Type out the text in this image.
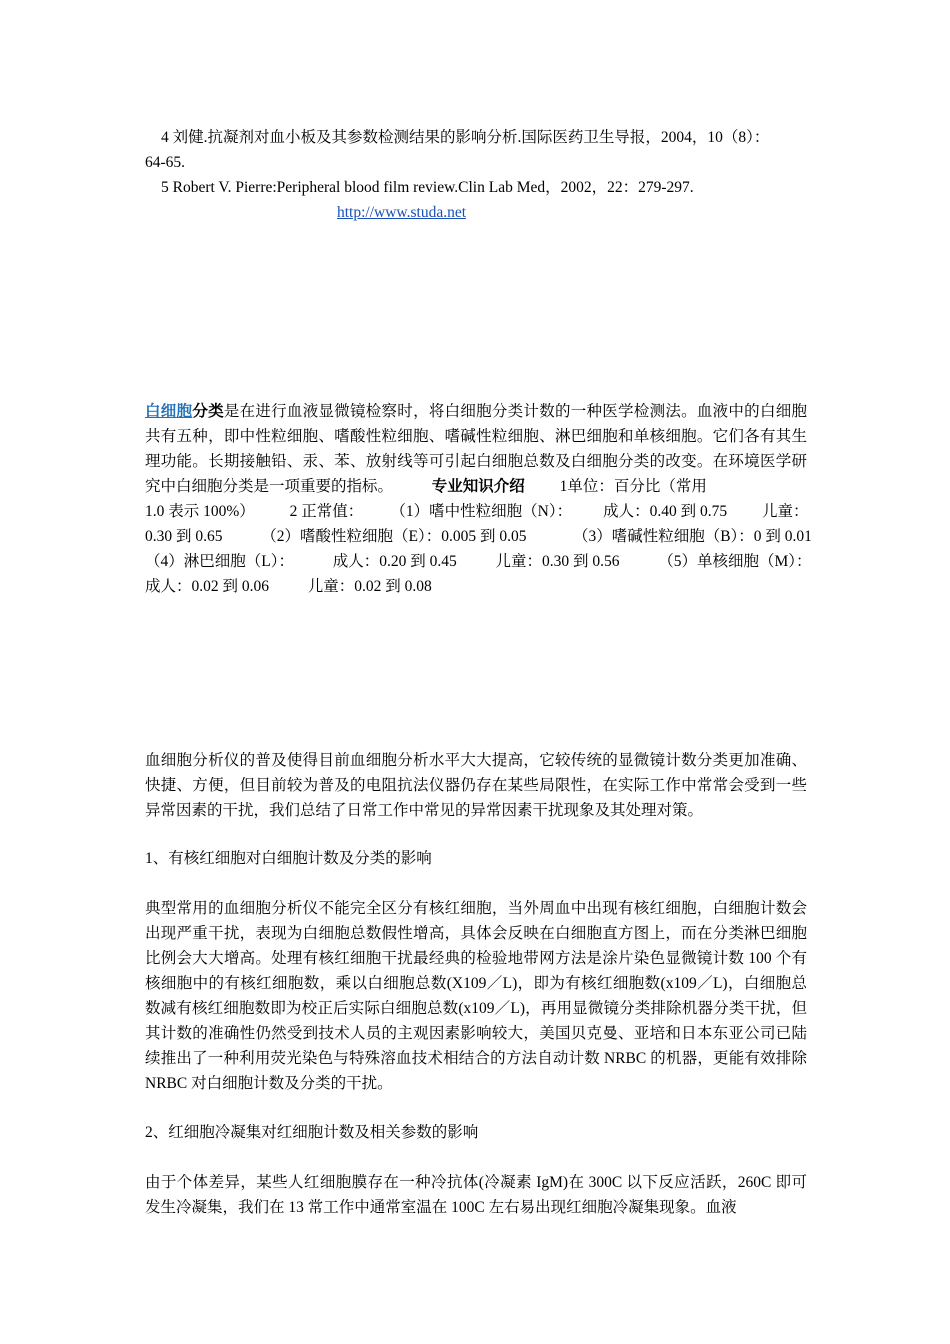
4 刘健.抗凝剂对血小板及其参数检测结果的影响分析.国际医药卫生导报，2004，10（8）：
64-65.
5 Robert V. Pierre:Peripheral blood film review.Clin Lab Med，2002，22：279-297.
http://www.studa.net
白细胞分类是在进行血液显微镜检察时，将白细胞分类计数的一种医学检测法。血液中的白细胞共有五种，即中性粒细胞、嗜酸性粒细胞、嗜碱性粒细胞、淋巴细胞和单核细胞。它们各有其生理功能。长期接触铅、汞、苯、放射线等可引起白细胞总数及白细胞分类的改变。在环境医学研究中白细胞分类是一项重要的指标。	专业知识介绍 1单位：百分比（常用
1.0 表示 100%）         2 正常值：       （1）嗜中性粒细胞（N）：        成人：0.40 到 0.75         儿童：
0.30 到 0.65          （2）嗜酸性粒细胞（E）：0.005 到 0.05            （3）嗜碱性粒细胞（B）：0 到 0.01
（4）淋巴细胞（L）：          成人：0.20 到 0.45          儿童：0.30 到 0.56          （5）单核细胞（M）：
成人：0.02 到 0.06          儿童：0.02 到 0.08
血细胞分析仪的普及使得目前血细胞分析水平大大提高，它较传统的显微镜计数分类更加准确、快捷、方便，但目前较为普及的电阻抗法仪器仍存在某些局限性，在实际工作中常常会受到一些异常因素的干扰，我们总结了日常工作中常见的异常因素干扰现象及其处理对策。
1、有核红细胞对白细胞计数及分类的影响
典型常用的血细胞分析仪不能完全区分有核红细胞，当外周血中出现有核红细胞，白细胞计数会出现严重干扰，表现为白细胞总数假性增高，具体会反映在白细胞直方图上，而在分类淋巴细胞比例会大大增高。处理有核红细胞干扰最经典的检验地带网方法是涂片染色显微镜计数 100 个有核细胞中的有核红细胞数，乘以白细胞总数(X109／L)，即为有核红细胞数(x109／L)，白细胞总数减有核红细胞数即为校正后实际白细胞总数(x109／L)，再用显微镜分类排除机器分类干扰，但其计数的准确性仍然受到技术人员的主观因素影响较大，美国贝克曼、亚培和日本东亚公司已陆续推出了一种利用荧光染色与特殊溶血技术相结合的方法自动计数 NRBC 的机器，更能有效排除 NRBC 对白细胞计数及分类的干扰。
2、红细胞冷凝集对红细胞计数及相关参数的影响
由于个体差异，某些人红细胞膜存在一种冷抗体(冷凝素 IgM)在 300C 以下反应活跃，260C 即可发生冷凝集，我们在 13 常工作中通常室温在 100C 左右易出现红细胞冷凝集现象。血液
